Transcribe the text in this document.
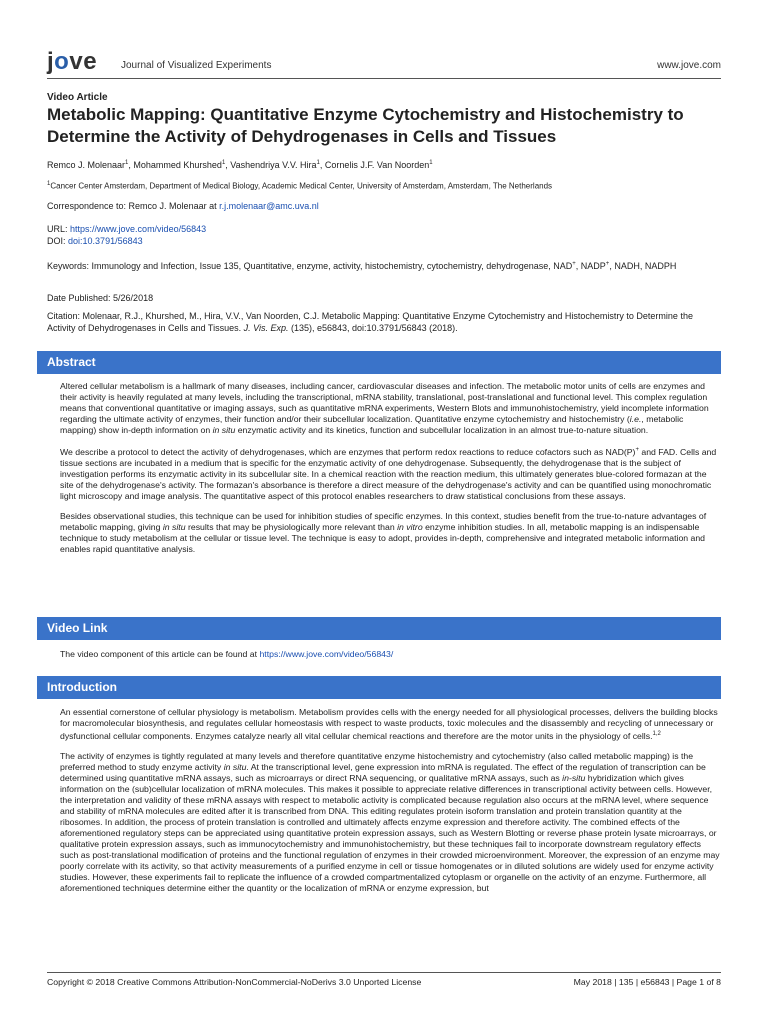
jove Journal of Visualized Experiments	www.jove.com
Video Article
Metabolic Mapping: Quantitative Enzyme Cytochemistry and Histochemistry to Determine the Activity of Dehydrogenases in Cells and Tissues
Remco J. Molenaar$^1$, Mohammed Khurshed$^1$, Vashendriya V.V. Hira$^1$, Cornelis J.F. Van Noorden$^1$
$^1$Cancer Center Amsterdam, Department of Medical Biology, Academic Medical Center, University of Amsterdam, Amsterdam, The Netherlands
Correspondence to: Remco J. Molenaar at r.j.molenaar@amc.uva.nl
URL: https://www.jove.com/video/56843
DOI: doi:10.3791/56843
Keywords: Immunology and Infection, Issue 135, Quantitative, enzyme, activity, histochemistry, cytochemistry, dehydrogenase, NAD+, NADP+, NADH, NADPH
Date Published: 5/26/2018
Citation: Molenaar, R.J., Khurshed, M., Hira, V.V., Van Noorden, C.J. Metabolic Mapping: Quantitative Enzyme Cytochemistry and Histochemistry to Determine the Activity of Dehydrogenases in Cells and Tissues. J. Vis. Exp. (135), e56843, doi:10.3791/56843 (2018).
Abstract

Altered cellular metabolism is a hallmark of many diseases, including cancer, cardiovascular diseases and infection. The metabolic motor units of cells are enzymes and their activity is heavily regulated at many levels, including the transcriptional, mRNA stability, translational, post-translational and functional level. This complex regulation means that conventional quantitative or imaging assays, such as quantitative mRNA experiments, Western Blots and immunohistochemistry, yield incomplete information regarding the ultimate activity of enzymes, their function and/or their subcellular localization. Quantitative enzyme cytochemistry and histochemistry (i.e., metabolic mapping) show in-depth information on in situ enzymatic activity and its kinetics, function and subcellular localization in an almost true-to-nature situation.

We describe a protocol to detect the activity of dehydrogenases, which are enzymes that perform redox reactions to reduce cofactors such as NAD(P)+ and FAD. Cells and tissue sections are incubated in a medium that is specific for the enzymatic activity of one dehydrogenase. Subsequently, the dehydrogenase that is the subject of investigation performs its enzymatic activity in its subcellular site. In a chemical reaction with the reaction medium, this ultimately generates blue-colored formazan at the site of the dehydrogenase's activity. The formazan's absorbance is therefore a direct measure of the dehydrogenase's activity and can be quantified using monochromatic light microscopy and image analysis. The quantitative aspect of this protocol enables researchers to draw statistical conclusions from these assays.

Besides observational studies, this technique can be used for inhibition studies of specific enzymes. In this context, studies benefit from the true-to-nature advantages of metabolic mapping, giving in situ results that may be physiologically more relevant than in vitro enzyme inhibition studies. In all, metabolic mapping is an indispensable technique to study metabolism at the cellular or tissue level. The technique is easy to adopt, provides in-depth, comprehensive and integrated metabolic information and enables rapid quantitative analysis.

Video Link
The video component of this article can be found at https://www.jove.com/video/56843/
Introduction

An essential cornerstone of cellular physiology is metabolism. Metabolism provides cells with the energy needed for all physiological processes, delivers the building blocks for macromolecular biosynthesis, and regulates cellular homeostasis with respect to waste products, toxic molecules and the disassembly and recycling of unnecessary or dysfunctional cellular components. Enzymes catalyze nearly all vital cellular chemical reactions and therefore are the motor units in the physiology of cells.$^{1,2}$

The activity of enzymes is tightly regulated at many levels and therefore quantitative enzyme histochemistry and cytochemistry (also called metabolic mapping) is the preferred method to study enzyme activity in situ. At the transcriptional level, gene expression into mRNA is regulated. The effect of the regulation of transcription can be determined using quantitative mRNA assays, such as microarrays or direct RNA sequencing, or qualitative mRNA assays, such as in-situ hybridization which gives information on the (sub)cellular localization of mRNA molecules. This makes it possible to appreciate relative differences in transcriptional activity between cells. However, the interpretation and validity of these mRNA assays with respect to metabolic activity is complicated because regulation also occurs at the mRNA level, where sequence and stability of mRNA molecules are edited after it is transcribed from DNA. This editing regulates protein isoform translation and protein translation quantity at the ribosomes. In addition, the process of protein translation is controlled and ultimately affects enzyme expression and therefore activity. The combined effects of the aforementioned regulatory steps can be appreciated using quantitative protein expression assays, such as Western Blotting or reverse phase protein lysate microarrays, or qualitative protein expression assays, such as immunocytochemistry and immunohistochemistry, but these techniques fail to incorporate downstream regulatory effects such as post-translational modification of proteins and the functional regulation of enzymes in their crowded microenvironment. Moreover, the expression of an enzyme may poorly correlate with its activity, so that activity measurements of a purified enzyme in cell or tissue homogenates or in diluted solutions are widely used for enzyme activity studies. However, these experiments fail to replicate the influence of a crowded compartmentalized cytoplasm or organelle on the activity of an enzyme. Furthermore, all aforementioned techniques determine either the quantity or the localization of mRNA or enzyme expression, but

Copyright © 2018 Creative Commons Attribution-NonCommercial-NoDerivs 3.0 Unported License	May 2018 | 135 | e56843 | Page 1 of 8
